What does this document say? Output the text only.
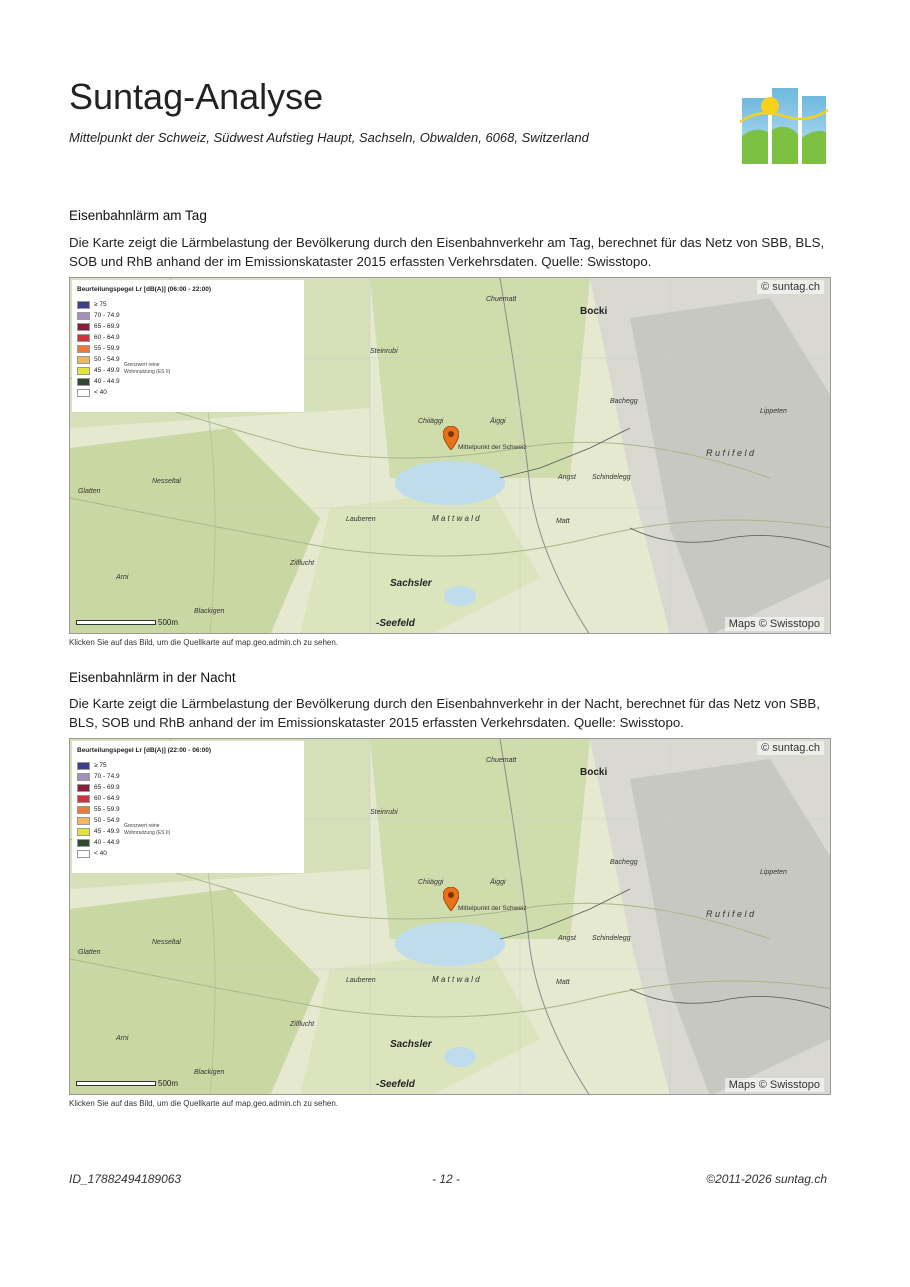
Suntag-Analyse
Mittelpunkt der Schweiz, Südwest Aufstieg Haupt, Sachseln, Obwalden, 6068, Switzerland
Eisenbahnlärm am Tag
Die Karte zeigt die Lärmbelastung der Bevölkerung durch den Eisenbahnverkehr am Tag, berechnet für das Netz von SBB, BLS, SOB und RhB anhand der im Emissionskataster 2015 erfassten Verkehrsdaten. Quelle: Swisstopo.
Bocki
Chuematt
Steinrubi
Äiggi
Chiiäggi
Bachegg
Lippeten
R u f i f e l d
M a t t w a l d
Lauberen	Matt
Angst Schindelegg
Glatten
Nesseltal
Arni
Blackigen
Zilflucht
Sachsler
-Seefeld
Mittelpunkt der Schweiz
Beurteilungspegel Lr [dB(A)] (06:00 - 22:00)
≥ 75
70 - 74.9
65 - 69.9
60 - 64.9
55 - 59.9
50 - 54.9
45 - 49.9
40 - 44.9
< 40
Grenzwert reine Wohnnutzung (ES II)
© suntag.ch
Maps © Swisstopo
500m
Klicken Sie auf das Bild, um die Quellkarte auf map.geo.admin.ch zu sehen.
Eisenbahnlärm in der Nacht
Die Karte zeigt die Lärmbelastung der Bevölkerung durch den Eisenbahnverkehr in der Nacht, berechnet für das Netz von SBB, BLS, SOB und RhB anhand der im Emissionskataster 2015 erfassten Verkehrsdaten. Quelle: Swisstopo.
Bocki
Chuematt
Steinrubi
Äiggi
Chiiäggi
Bachegg
Lippeten
R u f i f e l d
M a t t w a l d
Lauberen	Matt
Angst Schindelegg
Glatten
Nesseltal
Arni
Blackigen
Zilflucht
Sachsler
-Seefeld
Mittelpunkt der Schweiz
Beurteilungspegel Lr [dB(A)] (22:00 - 06:00)
≥ 75
70 - 74.9
65 - 69.9
60 - 64.9
55 - 59.9
50 - 54.9
45 - 49.9
40 - 44.9
< 40
Grenzwert reine Wohnnutzung (ES II)
© suntag.ch
Maps © Swisstopo
500m
Klicken Sie auf das Bild, um die Quellkarte auf map.geo.admin.ch zu sehen.
ID_17882494189063	- 12 -	©2011-2026 suntag.ch
